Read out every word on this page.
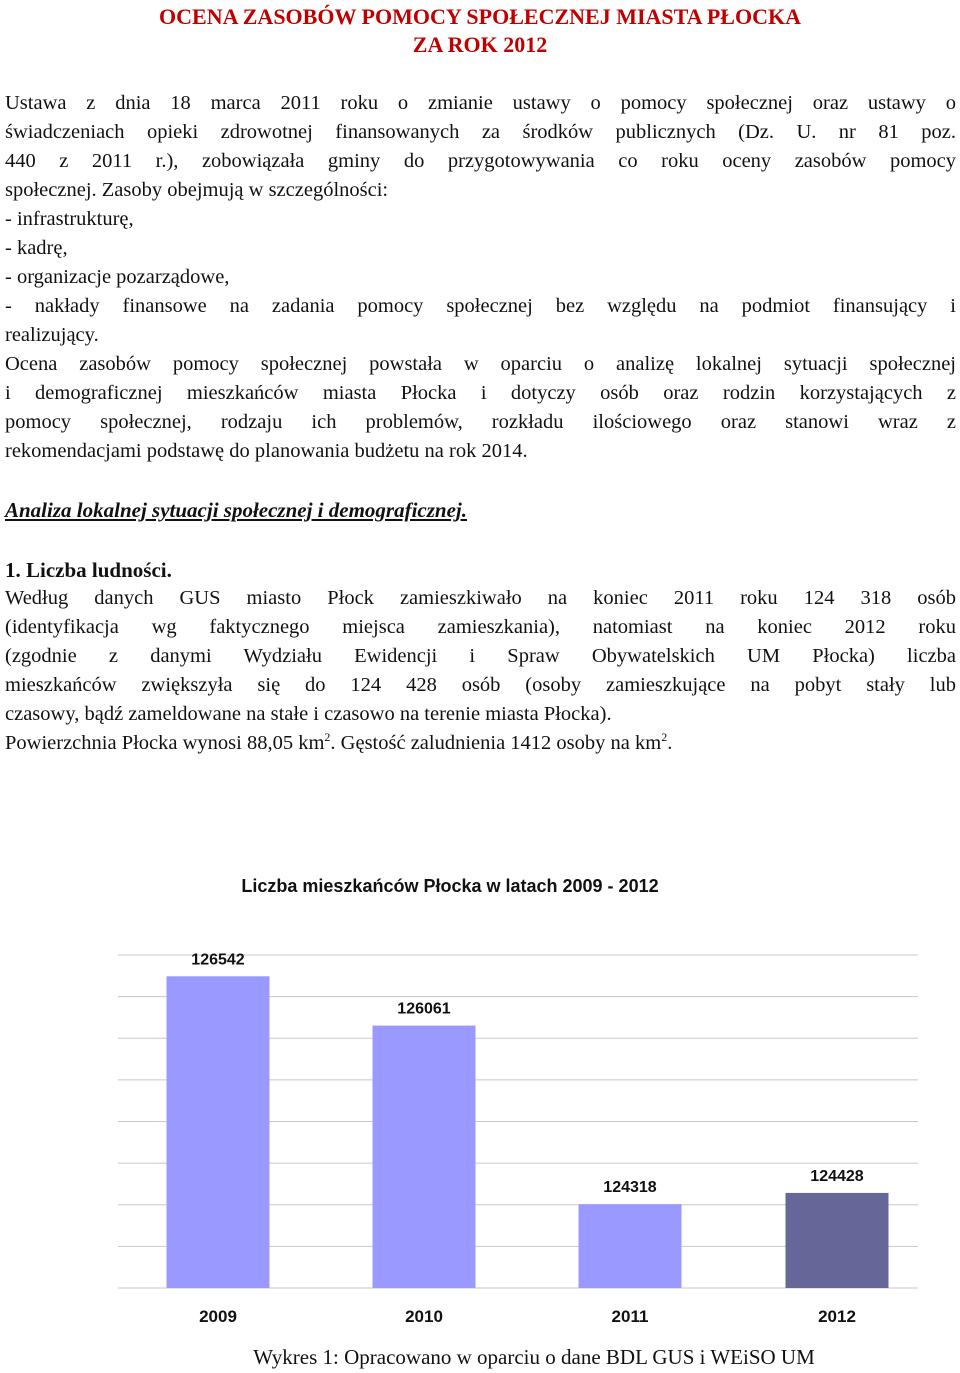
OCENA ZASOBÓW POMOCY SPOŁECZNEJ MIASTA PŁOCKA
ZA ROK 2012
Ustawa z dnia 18 marca 2011 roku o zmianie ustawy o pomocy społecznej oraz ustawy o
świadczeniach opieki zdrowotnej finansowanych za środków publicznych (Dz. U. nr 81 poz.
440 z 2011 r.), zobowiązała gminy do przygotowywania co roku oceny zasobów pomocy
społecznej. Zasoby obejmują w szczególności:
- infrastrukturę,
- kadrę,
- organizacje pozarządowe,
- nakłady finansowe na zadania pomocy społecznej bez względu na podmiot finansujący i
realizujący.
Ocena zasobów pomocy społecznej powstała w oparciu o analizę lokalnej sytuacji społecznej
i demograficznej mieszkańców miasta Płocka i dotyczy osób oraz rodzin korzystających z
pomocy społecznej, rodzaju ich problemów, rozkładu ilościowego oraz stanowi wraz z
rekomendacjami podstawę do planowania budżetu na rok 2014.
Analiza lokalnej sytuacji społecznej i demograficznej.
1. Liczba ludności.
Według danych GUS miasto Płock zamieszkiwało na koniec 2011 roku 124 318 osób
(identyfikacja wg faktycznego miejsca zamieszkania), natomiast na koniec 2012 roku
(zgodnie z danymi Wydziału Ewidencji i Spraw Obywatelskich UM Płocka) liczba
mieszkańców zwiększyła się do 124 428 osób (osoby zamieszkujące na pobyt stały lub
czasowy, bądź zameldowane na stałe i czasowo na terenie miasta Płocka).
Powierzchnia Płocka wynosi 88,05 $km^2$. Gęstość zaludnienia 1412 osoby na $km^2$.
Liczba mieszkańców Płocka w latach 2009 - 2012
126542
126061
124318
124428
2009	2010	2011	2012
Wykres 1: Opracowano w oparciu o dane BDL GUS i WEiSO UM
